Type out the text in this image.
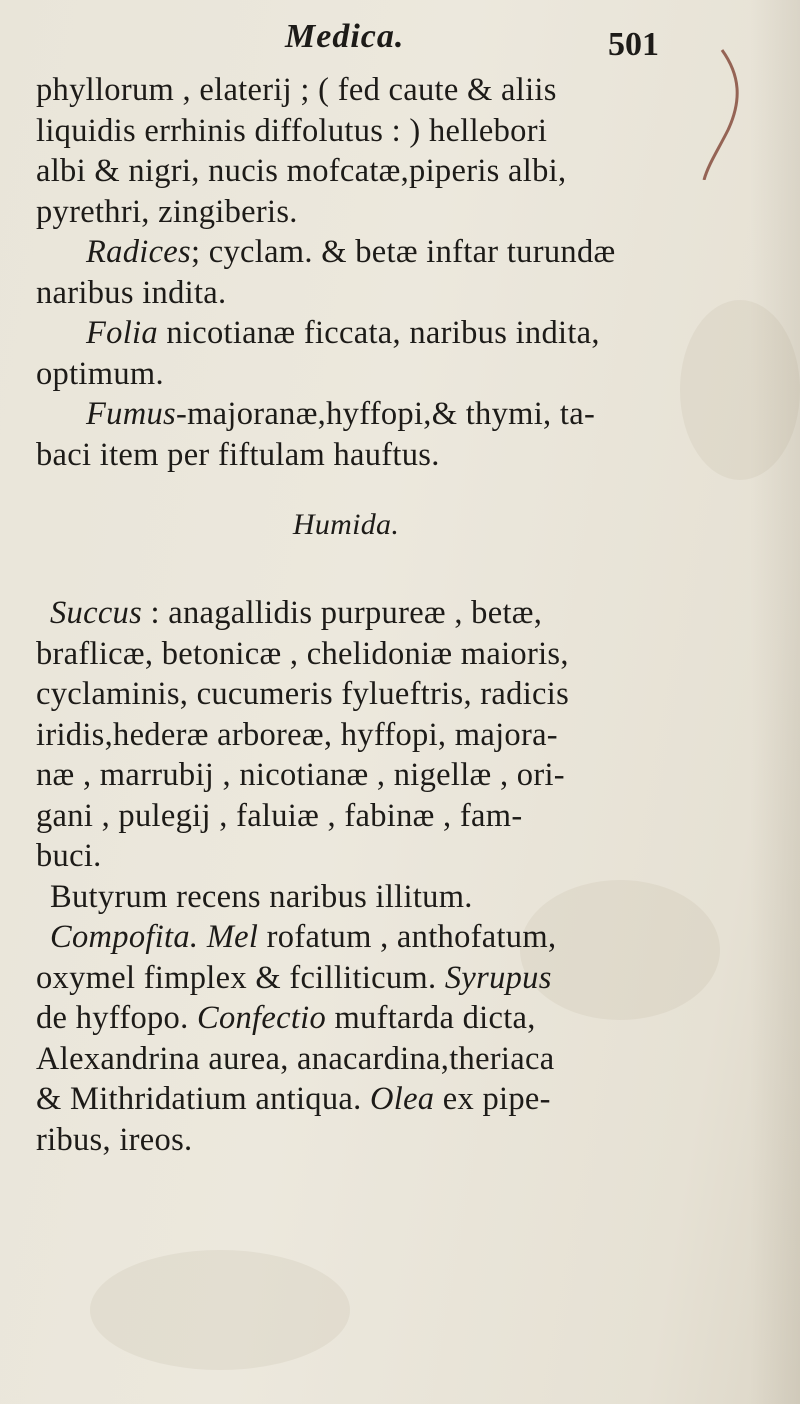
Medica.	501
phyllorum , elaterij ; ( fed caute & aliis
liquidis errhinis diffolutus : ) hellebori
albi & nigri, nucis mofcatæ,piperis albi,
pyrethri, zingiberis.
Radices; cyclam. & betæ inftar turundæ
naribus indita.
Folia nicotianæ ficcata, naribus indita,
optimum.
Fumus-majoranæ,hyffopi,& thymi, ta-
baci item per fiftulam hauftus.
Humida.
Succus : anagallidis purpureæ , betæ,
braflicæ, betonicæ , chelidoniæ maioris,
cyclaminis, cucumeris fylueftris, radicis
iridis,hederæ arboreæ, hyffopi, majora-
næ , marrubij , nicotianæ , nigellæ , ori-
gani , pulegij , faluiæ , fabinæ , fam-
buci.
Butyrum recens naribus illitum.
Compofita. Mel rofatum , anthofatum,
oxymel fimplex & fcilliticum. Syrupus
de hyffopo. Confectio muftarda dicta,
Alexandrina aurea, anacardina,theriaca
& Mithridatium antiqua. Olea ex pipe-
ribus, ireos.
